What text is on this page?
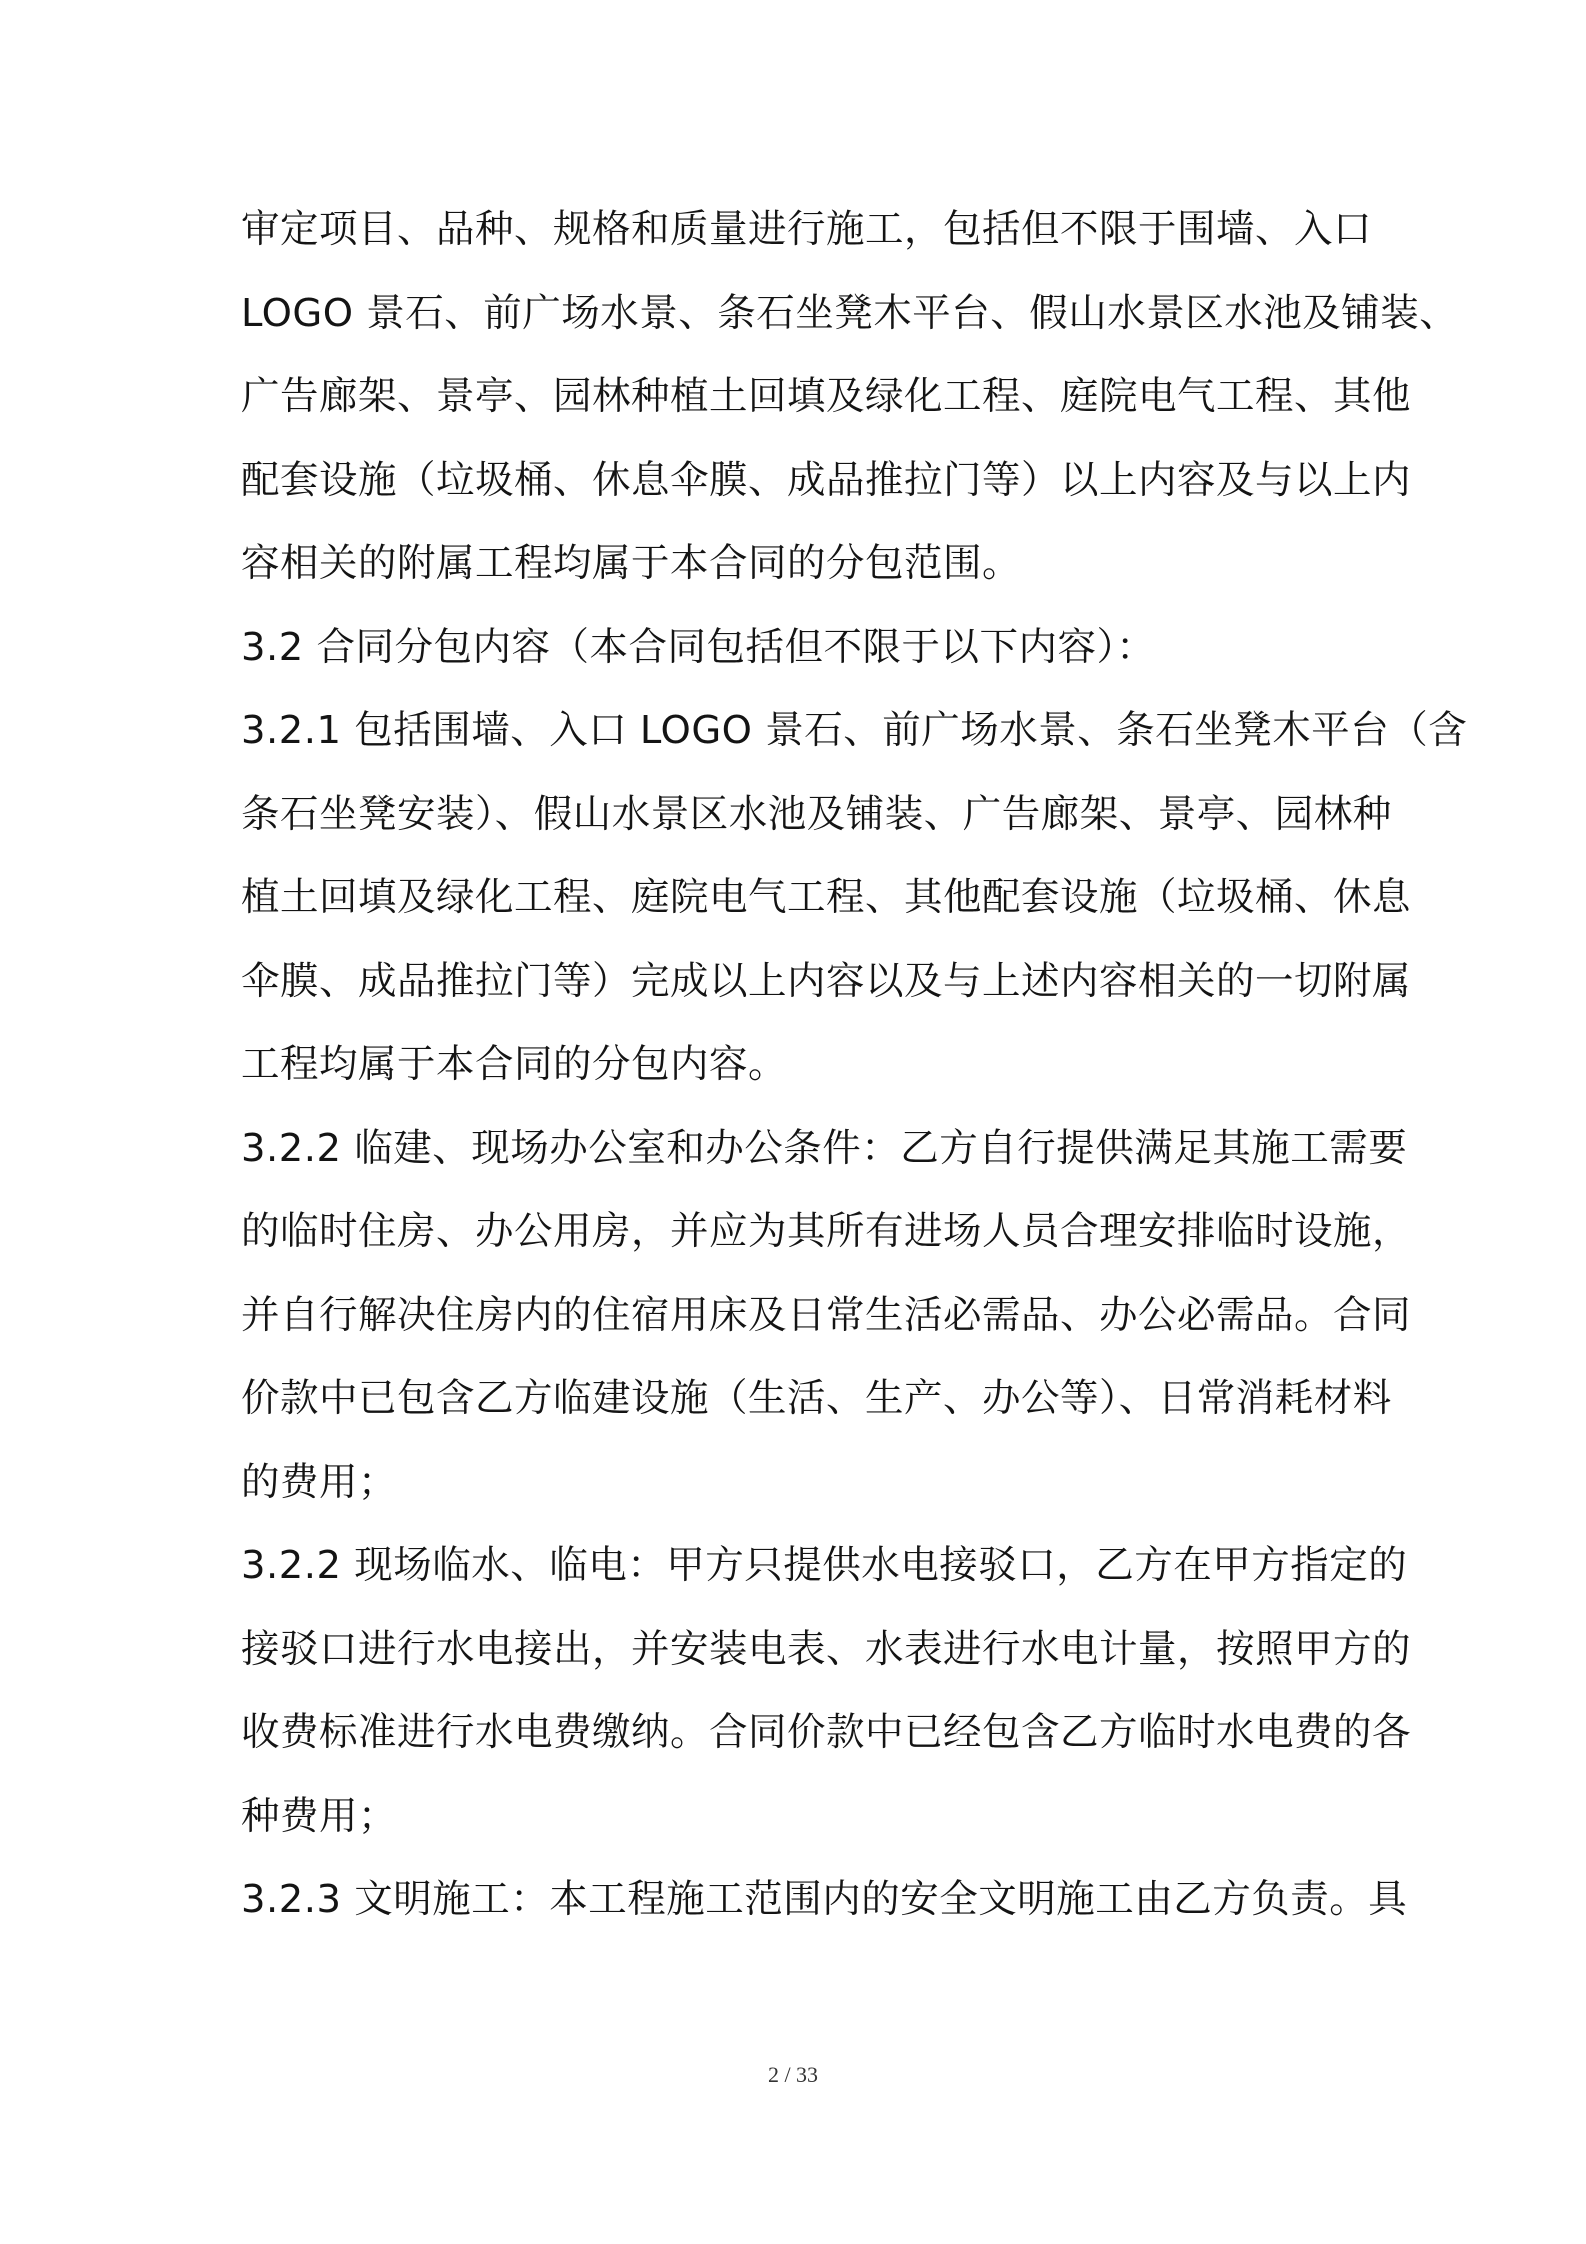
审定项目、品种、规格和质量进行施工，包括但不限于围墙、入口
LOGO 景石、前广场水景、条石坐凳木平台、假山水景区水池及铺装、
广告廊架、景亭、园林种植土回填及绿化工程、庭院电气工程、其他
配套设施（垃圾桶、休息伞膜、成品推拉门等）以上内容及与以上内
容相关的附属工程均属于本合同的分包范围。
3.2 合同分包内容（本合同包括但不限于以下内容）：
3.2.1 包括围墙、入口 LOGO 景石、前广场水景、条石坐凳木平台（含
条石坐凳安装）、假山水景区水池及铺装、广告廊架、景亭、园林种
植土回填及绿化工程、庭院电气工程、其他配套设施（垃圾桶、休息
伞膜、成品推拉门等）完成以上内容以及与上述内容相关的一切附属
工程均属于本合同的分包内容。
3.2.2 临建、现场办公室和办公条件：乙方自行提供满足其施工需要
的临时住房、办公用房，并应为其所有进场人员合理安排临时设施，
并自行解决住房内的住宿用床及日常生活必需品、办公必需品。合同
价款中已包含乙方临建设施（生活、生产、办公等）、日常消耗材料
的费用；
3.2.2 现场临水、临电：甲方只提供水电接驳口，乙方在甲方指定的
接驳口进行水电接出，并安装电表、水表进行水电计量，按照甲方的
收费标准进行水电费缴纳。合同价款中已经包含乙方临时水电费的各
种费用；
3.2.3 文明施工：本工程施工范围内的安全文明施工由乙方负责。具
2 / 33
